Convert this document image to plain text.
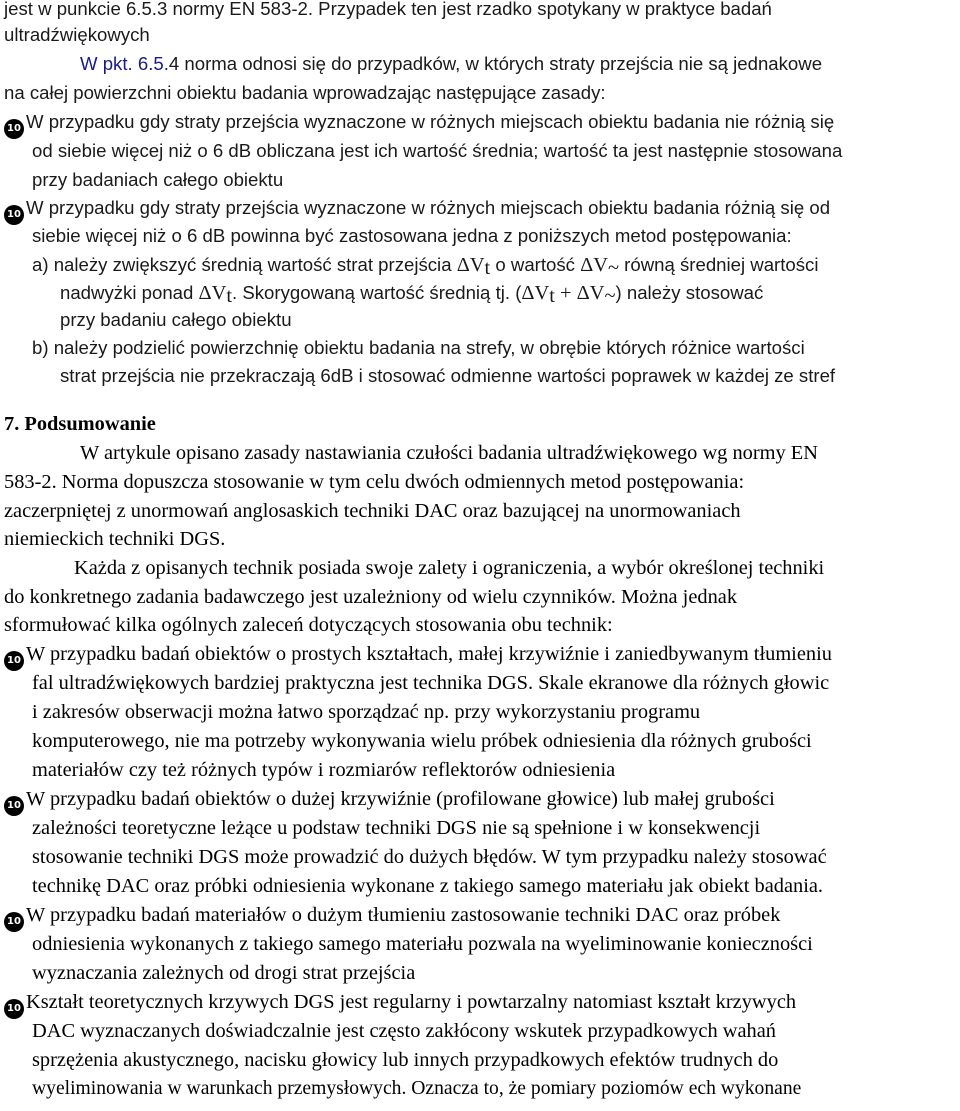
jest w punkcie 6.5.3 normy EN 583-2. Przypadek ten jest rzadko spotykany w praktyce badań
ultradźwiękowych
W pkt. 6.5.4 norma odnosi się do przypadków, w których straty przejścia nie są jednakowe
na całej powierzchni obiektu badania wprowadzając następujące zasady:
10 W przypadku gdy straty przejścia wyznaczone w różnych miejscach obiektu badania nie różnią się
od siebie więcej niż o 6 dB obliczana jest ich wartość średnia; wartość ta jest następnie stosowana
przy badaniach całego obiektu
10 W przypadku gdy straty przejścia wyznaczone w różnych miejscach obiektu badania różnią się od
siebie więcej niż o 6 dB powinna być zastosowana jedna z poniższych metod postępowania:
a) należy zwiększyć średnią wartość strat przejścia $\Delta V_t$ o wartość $\Delta V_\sim$ równą średniej wartości
nadwyżki ponad $\Delta V_t$. Skorygowaną wartość średnią tj. $(\Delta V_t + \Delta V_\sim)$ należy stosować
przy badaniu całego obiektu
b) należy podzielić powierzchnię obiektu badania na strefy, w obrębie których różnice wartości
strat przejścia nie przekraczają 6dB i stosować odmienne wartości poprawek w każdej ze stref
7. Podsumowanie
W artykule opisano zasady nastawiania czułości badania ultradźwiękowego wg normy EN
583-2. Norma dopuszcza stosowanie w tym celu dwóch odmiennych metod postępowania:
zaczerpniętej z unormowań anglosaskich techniki DAC oraz bazującej na unormowaniach
niemieckich techniki DGS.
Każda z opisanych technik posiada swoje zalety i ograniczenia, a wybór określonej techniki
do konkretnego zadania badawczego jest uzależniony od wielu czynników. Można jednak
sformułować kilka ogólnych zaleceń dotyczących stosowania obu technik:
10 W przypadku badań obiektów o prostych kształtach, małej krzywiźnie i zaniedbywanym tłumieniu
fal ultradźwiękowych bardziej praktyczna jest technika DGS. Skale ekranowe dla różnych głowic
i zakresów obserwacji można łatwo sporządzać np. przy wykorzystaniu programu
komputerowego, nie ma potrzeby wykonywania wielu próbek odniesienia dla różnych grubości
materiałów czy też różnych typów i rozmiarów reflektorów odniesienia
10 W przypadku badań obiektów o dużej krzywiźnie (profilowane głowice) lub małej grubości
zależności teoretyczne leżące u podstaw techniki DGS nie są spełnione i w konsekwencji
stosowanie techniki DGS może prowadzić do dużych błędów. W tym przypadku należy stosować
technikę DAC oraz próbki odniesienia wykonane z takiego samego materiału jak obiekt badania.
10 W przypadku badań materiałów o dużym tłumieniu zastosowanie techniki DAC oraz próbek
odniesienia wykonanych z takiego samego materiału pozwala na wyeliminowanie konieczności
wyznaczania zależnych od drogi strat przejścia
10 Kształt teoretycznych krzywych DGS jest regularny i powtarzalny natomiast kształt krzywych
DAC wyznaczanych doświadczalnie jest często zakłócony wskutek przypadkowych wahań
sprzężenia akustycznego, nacisku głowicy lub innych przypadkowych efektów trudnych do
wyeliminowania w warunkach przemysłowych. Oznacza to, że pomiary poziomów ech wykonane
